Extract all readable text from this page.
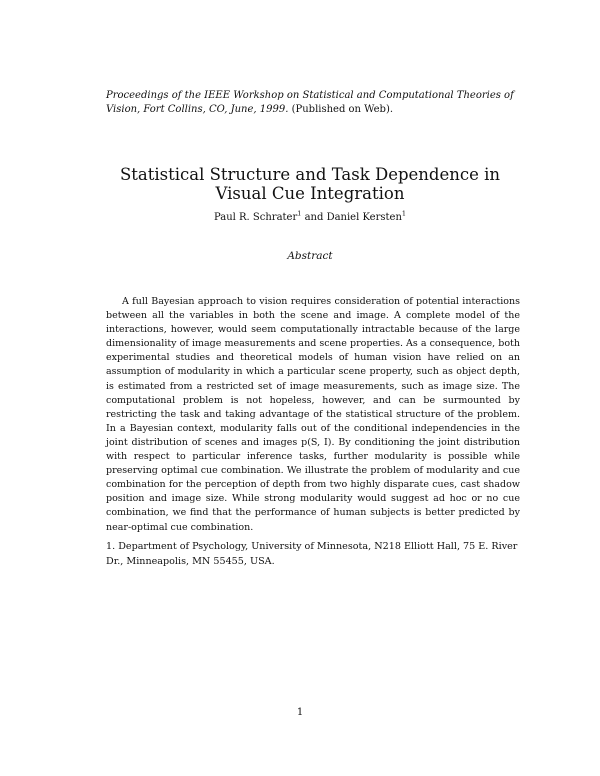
Proceedings of the IEEE Workshop on Statistical and Computational Theories of Vision, Fort Collins, CO, June, 1999. (Published on Web).
Statistical Structure and Task Dependence in
Visual Cue Integration
Paul R. Schrater$^1$ and Daniel Kersten$^1$
Abstract

A full Bayesian approach to vision requires consideration of potential interactions between all the variables in both the scene and image. A complete model of the interactions, however, would seem computationally intractable because of the large dimensionality of image measurements and scene properties. As a consequence, both experimental studies and theoretical models of human vision have relied on an assumption of modularity in which a particular scene property, such as object depth, is estimated from a restricted set of image measurements, such as image size. The computational problem is not hopeless, however, and can be surmounted by restricting the task and taking advantage of the statistical structure of the problem. In a Bayesian context, modularity falls out of the conditional independencies in the joint distribution of scenes and images p(S, I). By conditioning the joint distribution with respect to particular inference tasks, further modularity is possible while preserving optimal cue combination. We illustrate the problem of modularity and cue combination for the perception of depth from two highly disparate cues, cast shadow position and image size. While strong modularity would suggest ad hoc or no cue combination, we find that the performance of human subjects is better predicted by near-optimal cue combination.

1. Department of Psychology, University of Minnesota, N218 Elliott Hall, 75 E. River Dr., Minneapolis, MN 55455, USA.
1
